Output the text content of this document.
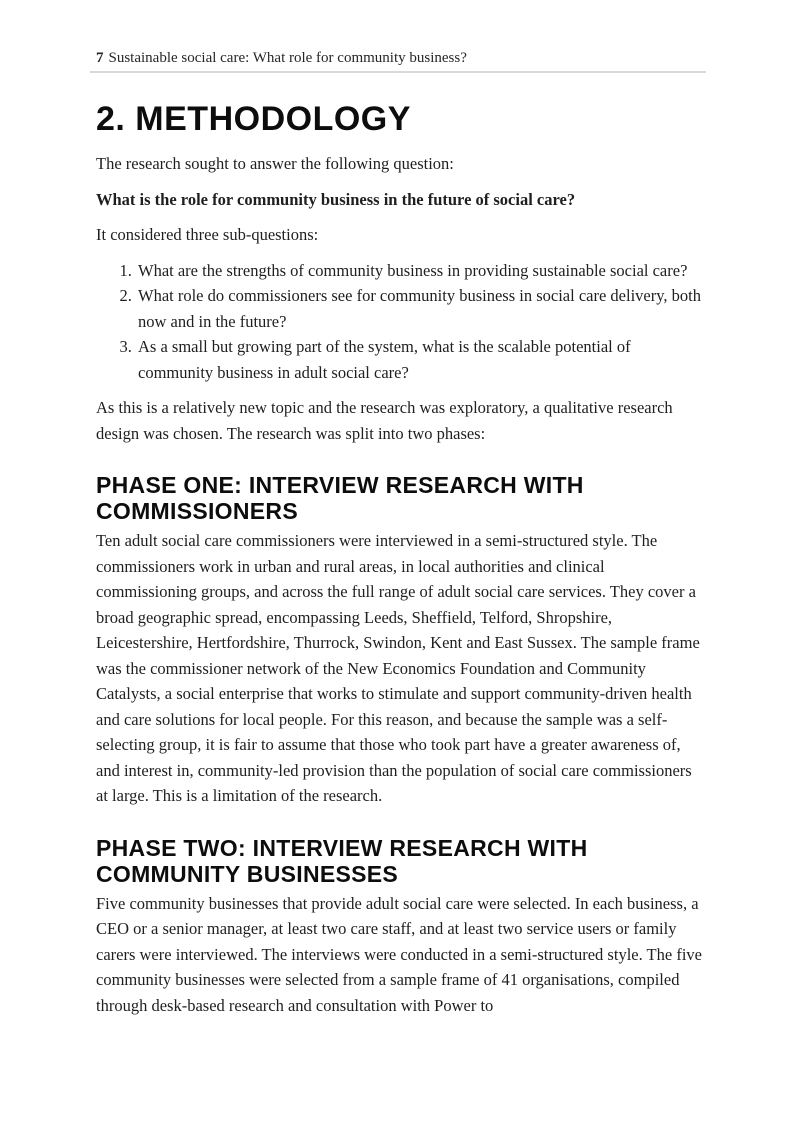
7 Sustainable social care: What role for community business?
2. METHODOLOGY

The research sought to answer the following question:

What is the role for community business in the future of social care?

It considered three sub-questions:

1. What are the strengths of community business in providing sustainable social care?
2. What role do commissioners see for community business in social care delivery, both now and in the future?
3. As a small but growing part of the system, what is the scalable potential of community business in adult social care?

As this is a relatively new topic and the research was exploratory, a qualitative research design was chosen. The research was split into two phases:

PHASE ONE: INTERVIEW RESEARCH WITH COMMISSIONERS

Ten adult social care commissioners were interviewed in a semi-structured style. The commissioners work in urban and rural areas, in local authorities and clinical commissioning groups, and across the full range of adult social care services. They cover a broad geographic spread, encompassing Leeds, Sheffield, Telford, Shropshire, Leicestershire, Hertfordshire, Thurrock, Swindon, Kent and East Sussex. The sample frame was the commissioner network of the New Economics Foundation and Community Catalysts, a social enterprise that works to stimulate and support community-driven health and care solutions for local people. For this reason, and because the sample was a self-selecting group, it is fair to assume that those who took part have a greater awareness of, and interest in, community-led provision than the population of social care commissioners at large. This is a limitation of the research.

PHASE TWO: INTERVIEW RESEARCH WITH COMMUNITY BUSINESSES

Five community businesses that provide adult social care were selected. In each business, a CEO or a senior manager, at least two care staff, and at least two service users or family carers were interviewed. The interviews were conducted in a semi-structured style. The five community businesses were selected from a sample frame of 41 organisations, compiled through desk-based research and consultation with Power to
